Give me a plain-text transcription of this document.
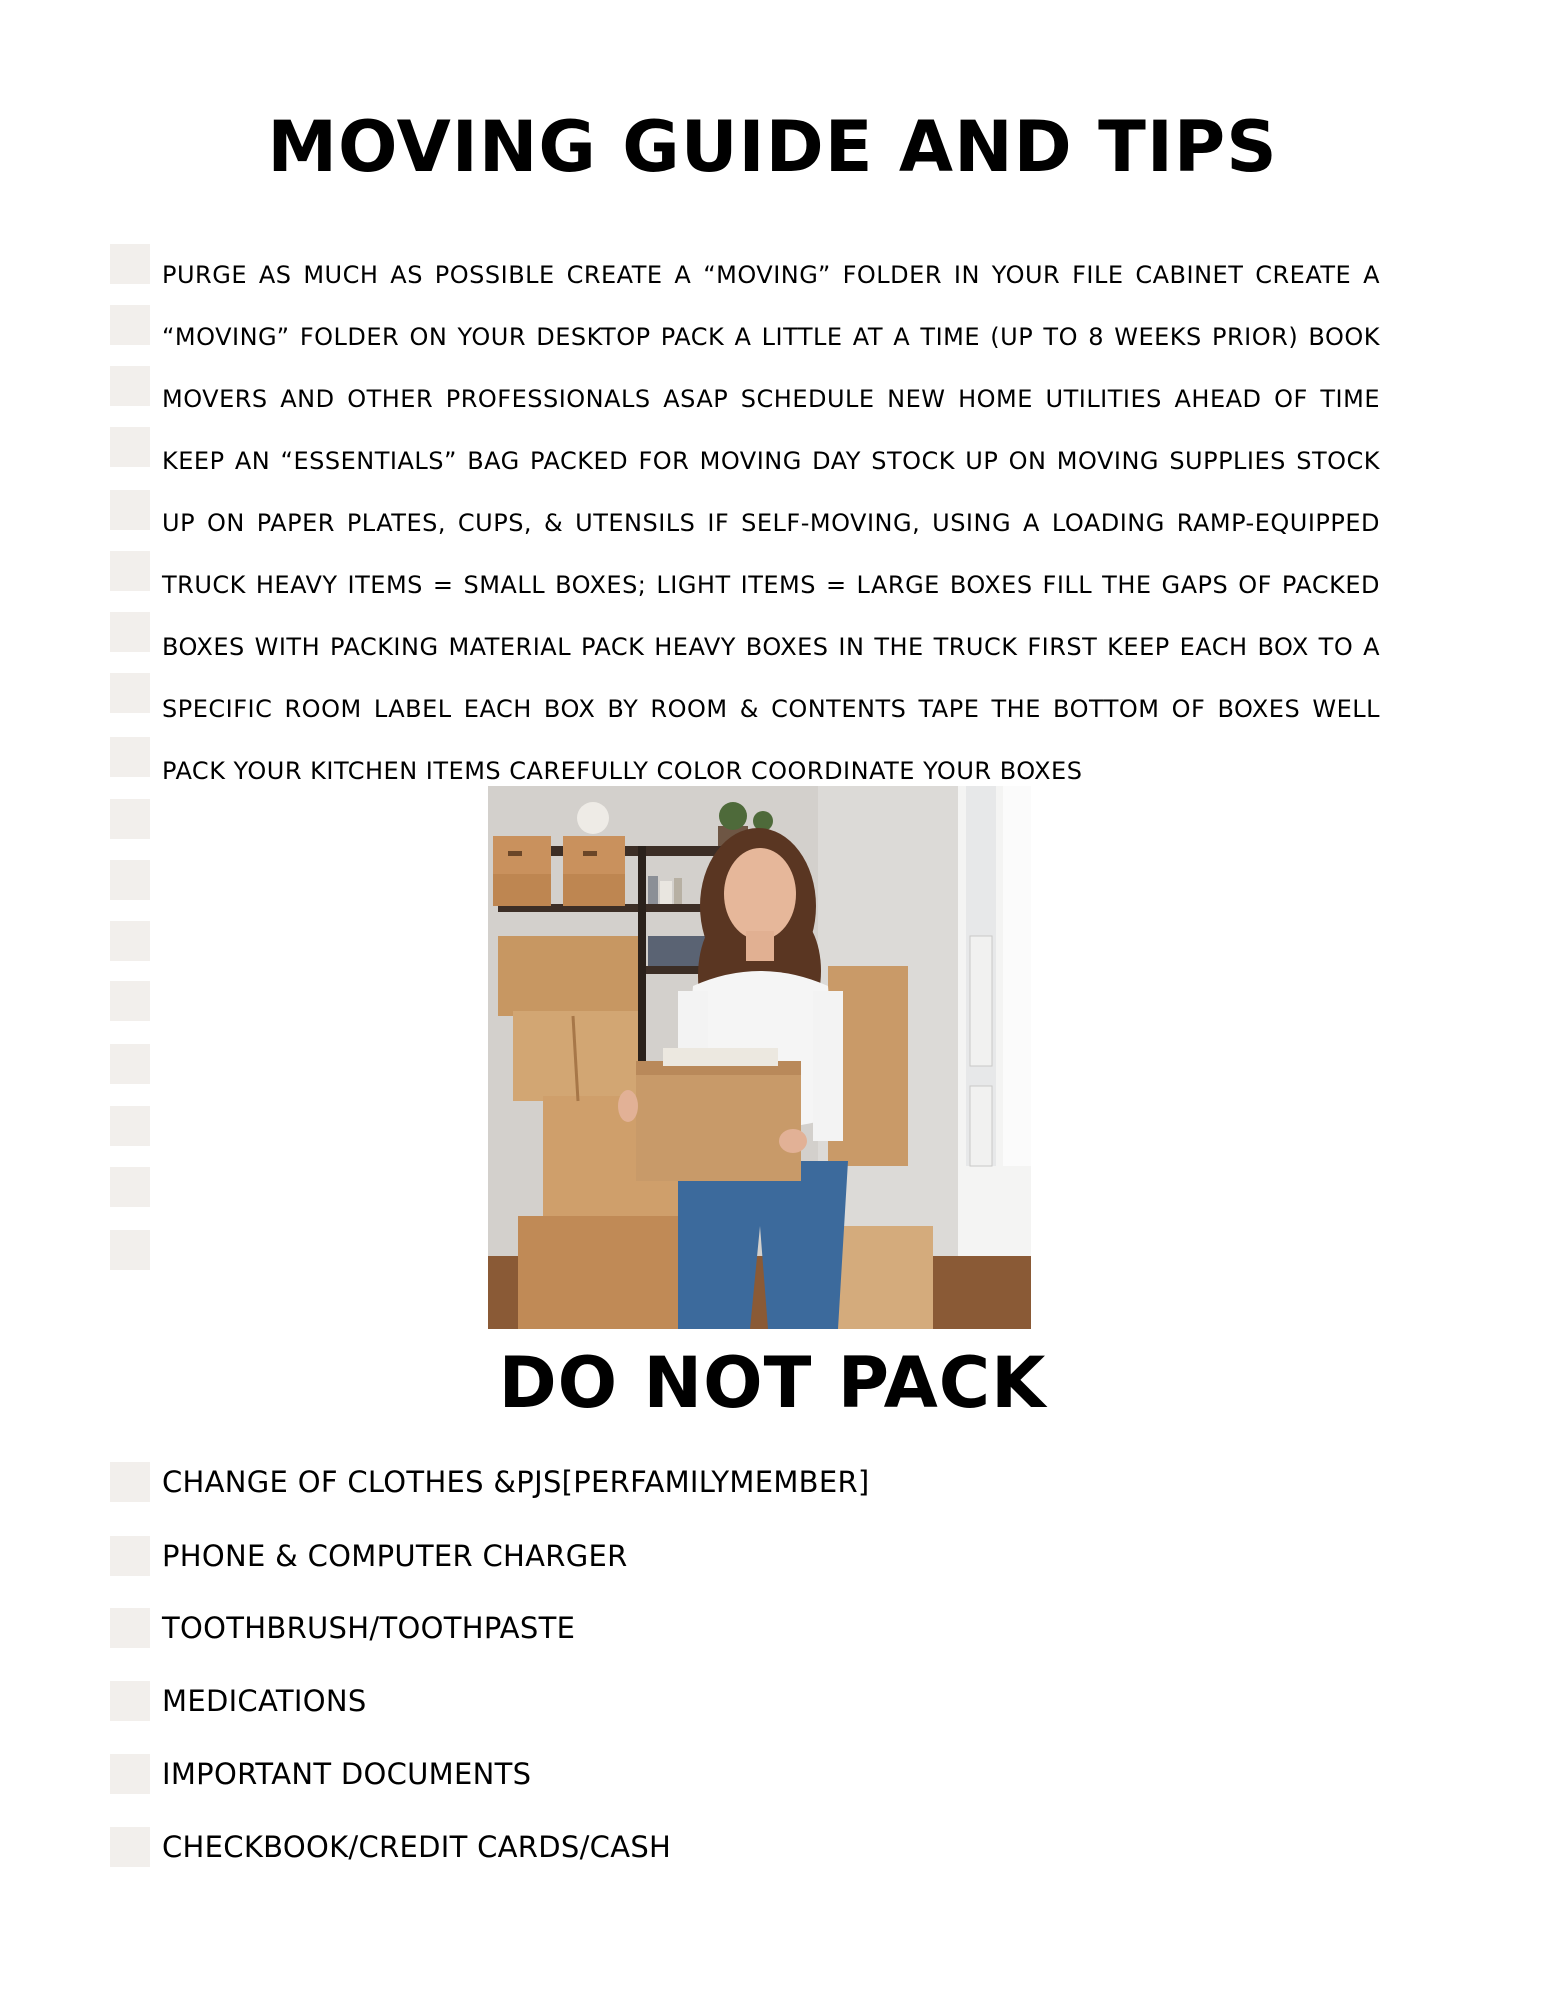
MOVING GUIDE AND TIPS

PURGE AS MUCH AS POSSIBLE CREATE A “MOVING” FOLDER IN YOUR FILE CABINET CREATE A “MOVING” FOLDER ON YOUR DESKTOP PACK A LITTLE AT A TIME (UP TO 8 WEEKS PRIOR) BOOK MOVERS AND OTHER PROFESSIONALS ASAP SCHEDULE NEW HOME UTILITIES AHEAD OF TIME KEEP AN “ESSENTIALS” BAG PACKED FOR MOVING DAY STOCK UP ON MOVING SUPPLIES STOCK UP ON PAPER PLATES, CUPS, & UTENSILS IF SELF-MOVING, USING A LOADING RAMP-EQUIPPED TRUCK HEAVY ITEMS = SMALL BOXES; LIGHT ITEMS = LARGE BOXES FILL THE GAPS OF PACKED BOXES WITH PACKING MATERIAL PACK HEAVY BOXES IN THE TRUCK FIRST KEEP EACH BOX TO A SPECIFIC ROOM LABEL EACH BOX BY ROOM & CONTENTS TAPE THE BOTTOM OF BOXES WELL PACK YOUR KITCHEN ITEMS CAREFULLY COLOR COORDINATE YOUR BOXES

DO NOT PACK
CHANGE OF CLOTHES &PJS[PERFAMILYMEMBER]
PHONE & COMPUTER CHARGER
TOOTHBRUSH/TOOTHPASTE
MEDICATIONS
IMPORTANT DOCUMENTS
CHECKBOOK/CREDIT CARDS/CASH
